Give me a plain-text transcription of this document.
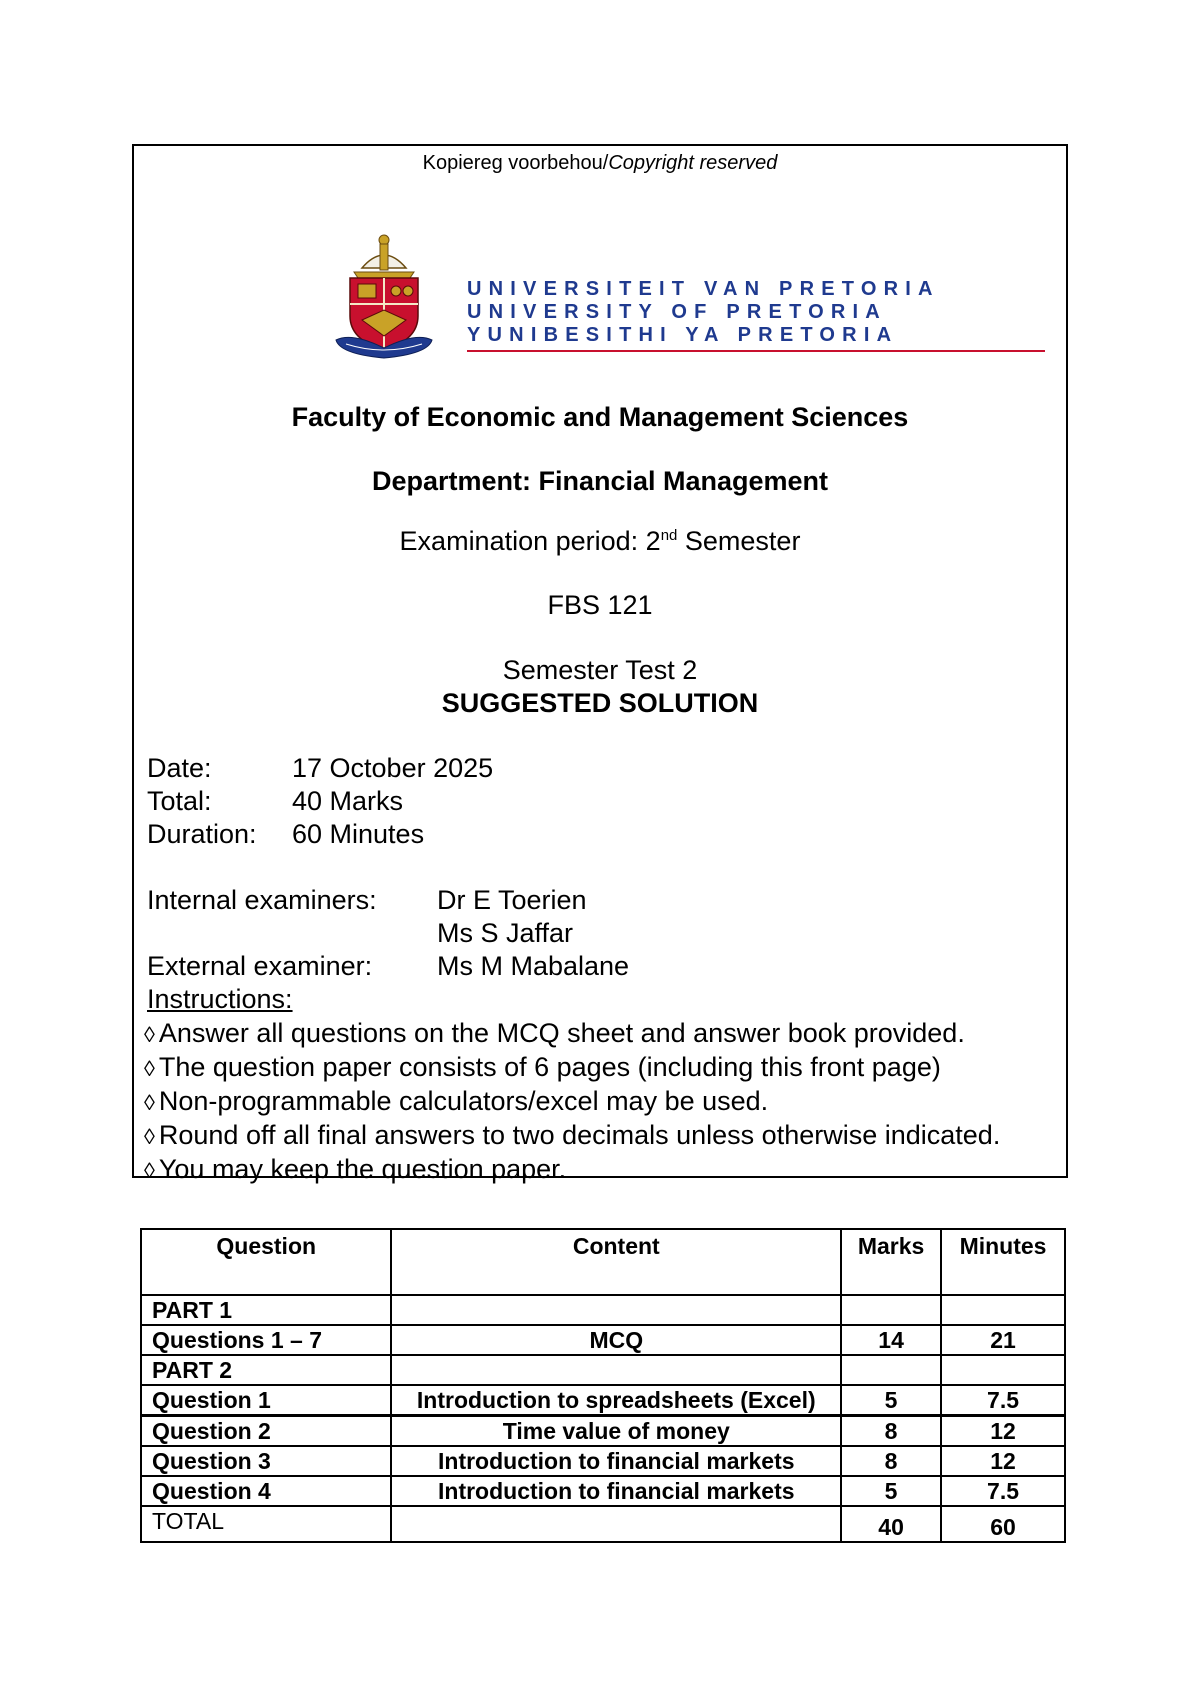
Kopiereg voorbehou/Copyright reserved
UNIVERSITEIT VAN PRETORIA
UNIVERSITY OF PRETORIA
YUNIBESITHI YA PRETORIA
Faculty of Economic and Management Sciences
Department: Financial Management
Examination period: 2nd Semester
FBS 121
Semester Test 2
SUGGESTED SOLUTION
Date:	17 October 2025
Total:	40 Marks
Duration: 60 Minutes
Internal examiners: Dr E Toerien
Ms S Jaffar
External examiner: Ms M Mabalane
Instructions:
◊ Answer all questions on the MCQ sheet and answer book provided.
◊ The question paper consists of 6 pages (including this front page)
◊ Non-programmable calculators/excel may be used.
◊ Round off all final answers to two decimals unless otherwise indicated.
◊ You may keep the question paper.
Question	Content	Marks	Minutes
PART 1			
Questions 1 – 7	MCQ	14	21
PART 2			
Question 1	Introduction to spreadsheets (Excel)	5	7.5
Question 2	Time value of money	8	12
Question 3	Introduction to financial markets	8	12
Question 4	Introduction to financial markets	5	7.5
TOTAL		40	60
